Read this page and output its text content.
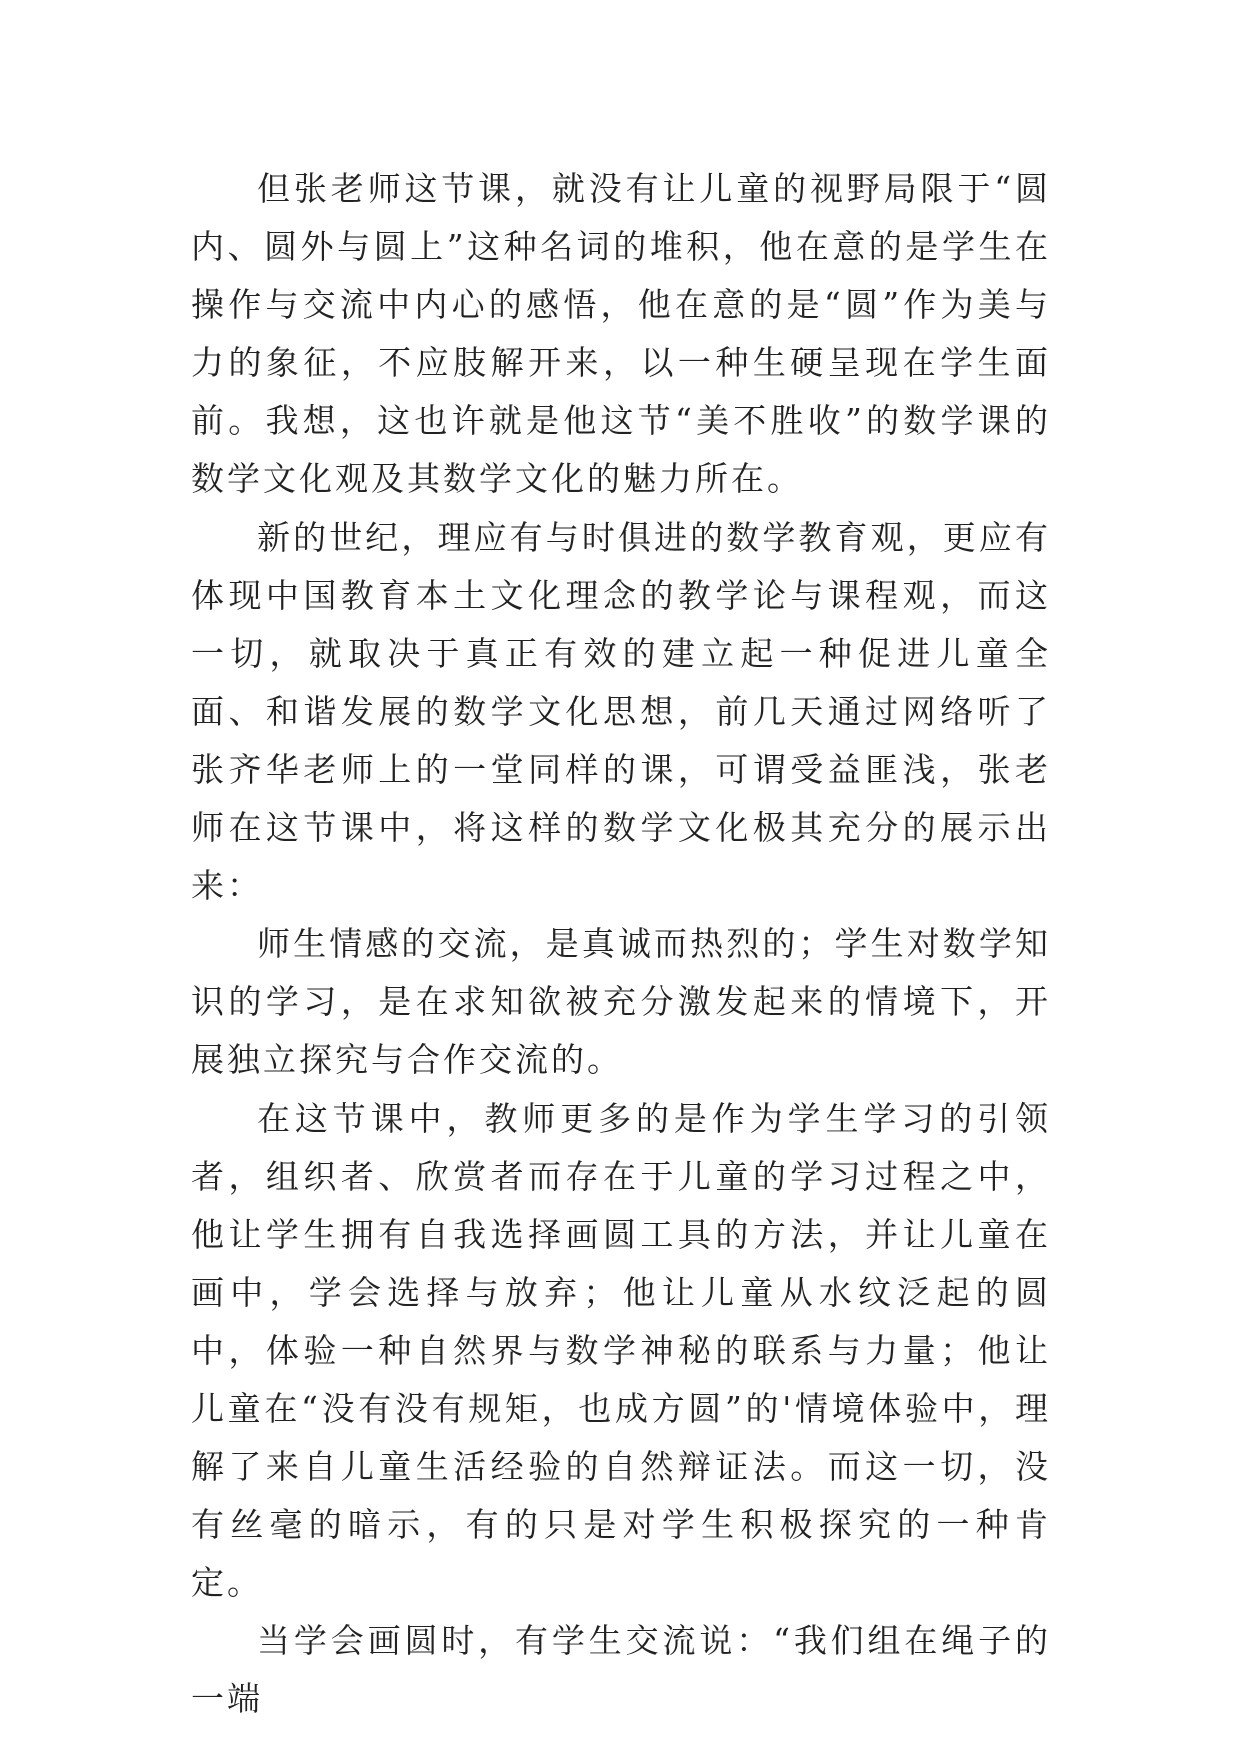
但张老师这节课，就没有让儿童的视野局限于“圆内、圆外与圆上”这种名词的堆积，他在意的是学生在操作与交流中内心的感悟，他在意的是“圆”作为美与力的象征，不应肢解开来，以一种生硬呈现在学生面前。我想，这也许就是他这节“美不胜收”的数学课的数学文化观及其数学文化的魅力所在。

新的世纪，理应有与时俱进的数学教育观，更应有体现中国教育本土文化理念的教学论与课程观，而这一切，就取决于真正有效的建立起一种促进儿童全面、和谐发展的数学文化思想，前几天通过网络听了张齐华老师上的一堂同样的课，可谓受益匪浅，张老师在这节课中，将这样的数学文化极其充分的展示出来：

师生情感的交流，是真诚而热烈的；学生对数学知识的学习，是在求知欲被充分激发起来的情境下，开展独立探究与合作交流的。

在这节课中，教师更多的是作为学生学习的引领者，组织者、欣赏者而存在于儿童的学习过程之中，他让学生拥有自我选择画圆工具的方法，并让儿童在画中，学会选择与放弃；他让儿童从水纹泛起的圆中，体验一种自然界与数学神秘的联系与力量；他让儿童在“没有没有规矩，也成方圆”的'情境体验中，理解了来自儿童生活经验的自然辩证法。而这一切，没有丝毫的暗示，有的只是对学生积极探究的一种肯定。

当学会画圆时，有学生交流说：“我们组在绳子的一端
